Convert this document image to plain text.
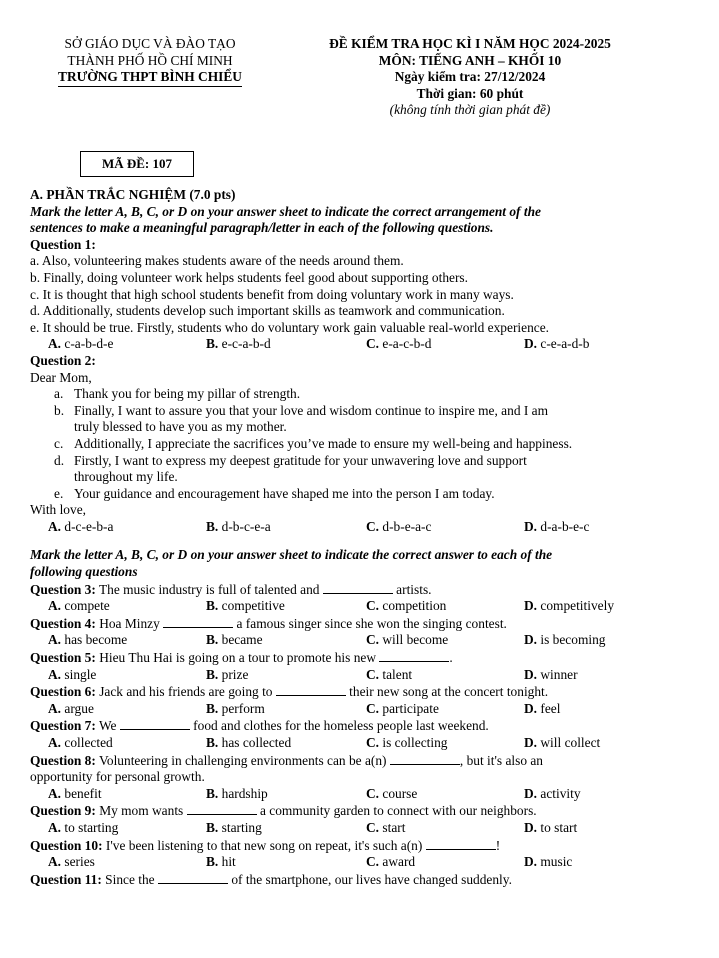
SỞ GIÁO DỤC VÀ ĐÀO TẠO
THÀNH PHỐ HỒ CHÍ MINH
TRƯỜNG THPT BÌNH CHIỂU
ĐỀ KIỂM TRA HỌC KÌ I NĂM HỌC 2024-2025
MÔN: TIẾNG ANH – KHỐI 10
Ngày kiểm tra: 27/12/2024
Thời gian: 60 phút
(không tính thời gian phát đề)
MÃ ĐỀ: 107
A. PHẦN TRẮC NGHIỆM (7.0 pts)
Mark the letter A, B, C, or D on your answer sheet to indicate the correct arrangement of the
sentences to make a meaningful paragraph/letter in each of the following questions.
Question 1:
a. Also, volunteering makes students aware of the needs around them.
b. Finally, doing volunteer work helps students feel good about supporting others.
c. It is thought that high school students benefit from doing voluntary work in many ways.
d. Additionally, students develop such important skills as teamwork and communication.
e. It should be true. Firstly, students who do voluntary work gain valuable real-world experience.
A. c-a-b-d-e	B. e-c-a-b-d	C. e-a-c-b-d	D. c-e-a-d-b
Question 2:
Dear Mom,
a. Thank you for being my pillar of strength.
b. Finally, I want to assure you that your love and wisdom continue to inspire me, and I am
truly blessed to have you as my mother.
c. Additionally, I appreciate the sacrifices you’ve made to ensure my well-being and happiness.
d. Firstly, I want to express my deepest gratitude for your unwavering love and support
throughout my life.
e. Your guidance and encouragement have shaped me into the person I am today.
With love,
A. d-c-e-b-a	B. d-b-c-e-a	C. d-b-e-a-c	D. d-a-b-e-c
Mark the letter A, B, C, or D on your answer sheet to indicate the correct answer to each of the
following questions
Question 3: The music industry is full of talented and	artists.
A. compete	B. competitive	C. competition	D. competitively
Question 4: Hoa Minzy	a famous singer since she won the singing contest.
A. has become	B. became	C. will become	D. is becoming
Question 5: Hieu Thu Hai is going on a tour to promote his new	.
A. single	B. prize	C. talent	D. winner
Question 6: Jack and his friends are going to	their new song at the concert tonight.
A. argue	B. perform	C. participate	D. feel
Question 7: We	food and clothes for the homeless people last weekend.
A. collected	B. has collected	C. is collecting	D. will collect
Question 8: Volunteering in challenging environments can be a(n)	, but it's also an
opportunity for personal growth.
A. benefit	B. hardship	C. course	D. activity
Question 9: My mom wants	a community garden to connect with our neighbors.
A. to starting	B. starting	C. start	D. to start
Question 10: I've been listening to that new song on repeat, it's such a(n)	!
A. series	B. hit	C. award	D. music
Question 11: Since the	of the smartphone, our lives have changed suddenly.
